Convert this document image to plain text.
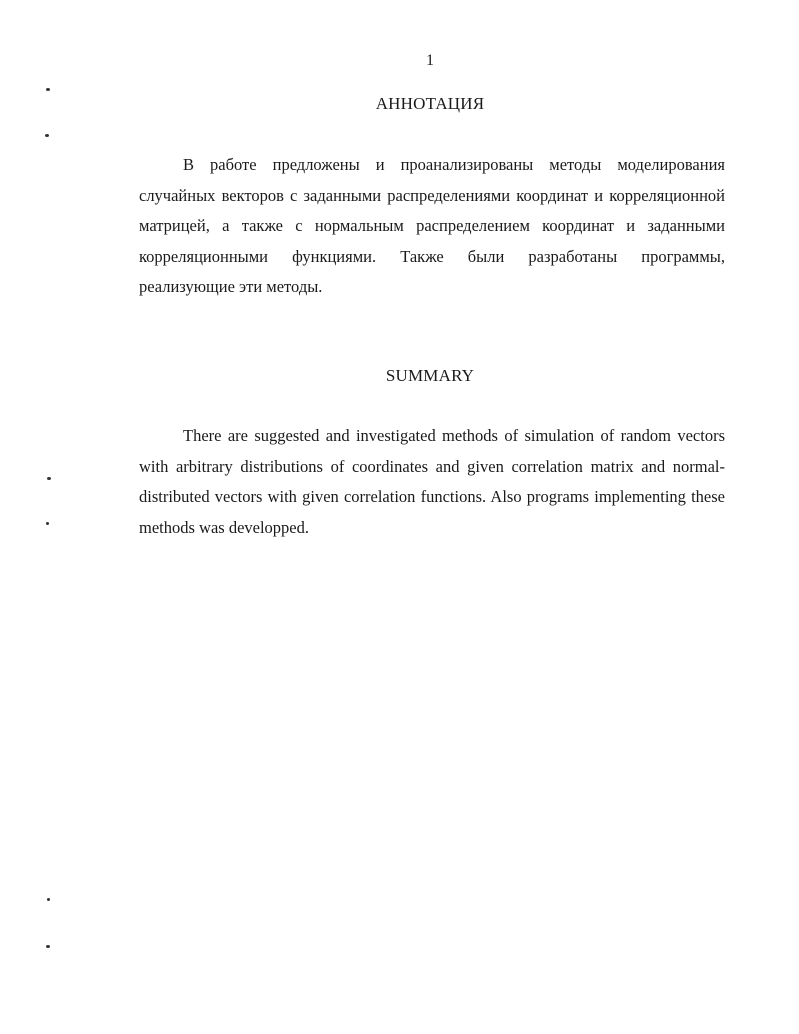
1
АННОТАЦИЯ

В работе предложены и проанализированы методы моделирования случайных векторов с заданными распределениями координат и корреляционной матрицей, а также с нормальным распределением координат и заданными корреляционными функциями. Также были разработаны программы, реализующие эти методы.

SUMMARY

There are suggested and investigated methods of simulation of random vectors with arbitrary distributions of coordinates and given correlation matrix and normal-distributed vectors with given correlation functions. Also programs implementing these methods was developped.
